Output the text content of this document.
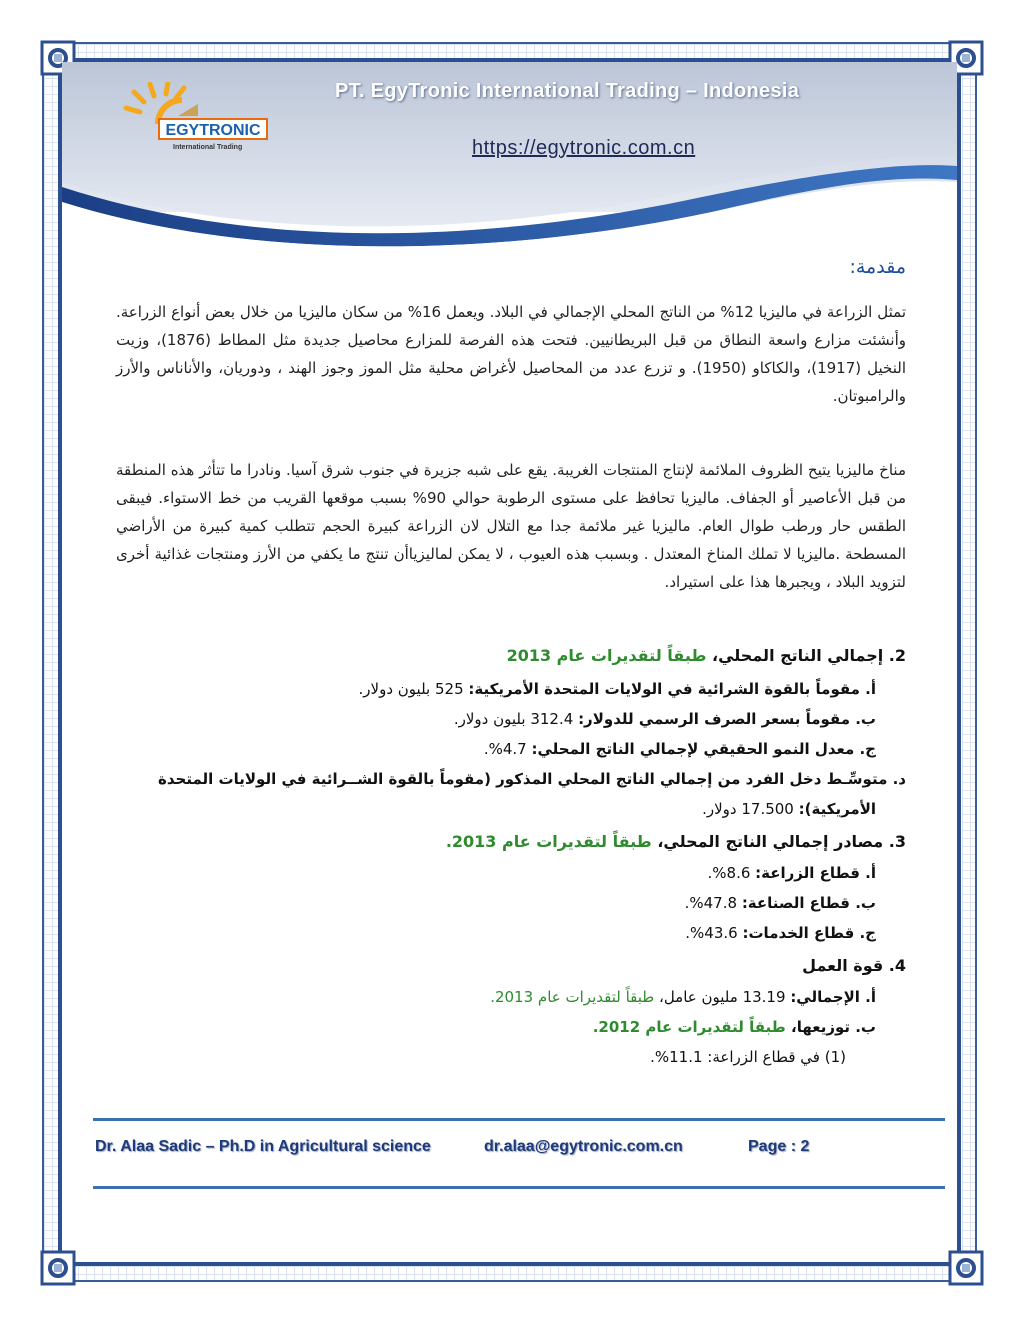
EGYTRONIC
International Trading
PT. EgyTronic International Trading – Indonesia
https://egytronic.com.cn
مقدمة:
تمثل الزراعة في ماليزيا 12% من الناتج المحلي الإجمالي في البلاد. ويعمل 16% من سكان ماليزيا من خلال بعض أنواع الزراعة. وأنشئت مزارع واسعة النطاق من قبل البريطانيين. فتحت هذه الفرصة للمزارع محاصيل جديدة مثل المطاط (1876)، وزيت النخيل (1917)، والكاكاو (1950). و تزرع عدد من المحاصيل لأغراض محلية مثل الموز وجوز الهند ، ودوريان، والأناناس والأرز والرامبوتان.
مناخ ماليزيا يتيح الظروف الملائمة لإنتاج المنتجات الغريبة. يقع على شبه جزيرة في جنوب شرق آسيا. ونادرا ما تتأثر هذه المنطقة من قبل الأعاصير أو الجفاف. ماليزيا تحافظ على مستوى الرطوبة حوالي 90% بسبب موقعها القريب من خط الاستواء. فيبقى الطقس حار ورطب طوال العام. ماليزيا غير ملائمة جدا مع التلال لان الزراعة كبيرة الحجم تتطلب كمية كبيرة من الأراضي المسطحة .ماليزيا لا تملك المناخ المعتدل . وبسبب هذه العيوب ، لا يمكن لماليزياأن تنتج ما يكفي من الأرز ومنتجات غذائية أخرى لتزويد البلاد ، ويجبرها هذا على استيراد.
2. إجمالي الناتج المحلي، طبقاً لتقديرات عام 2013
أ. مقوماً بالقوة الشرائية في الولايات المتحدة الأمريكية: 525 بليون دولار.
ب. مقوماً بسعر الصرف الرسمي للدولار: 312.4 بليون دولار.
ج. معدل النمو الحقيقي لإجمالي الناتج المحلي: 4.7%.
د. متوسِّـط دخل الفرد من إجمالي الناتج المحلي المذكور (مقوماً بالقوة الشــرائية في الولايات المتحدة
الأمريكية): 17.500 دولار.
3. مصادر إجمالي الناتج المحلي، طبقاً لتقديرات عام 2013.
أ. قطاع الزراعة: 8.6%.
ب. قطاع الصناعة: 47.8%.
ج. قطاع الخدمات: 43.6%.
4. قوة العمل
أ. الإجمالي: 13.19 مليون عامل، طبقاً لتقديرات عام 2013.
ب. توزيعها، طبقاً لتقديرات عام 2012.
(1) في قطاع الزراعة: 11.1%.
Dr. Alaa Sadic – Ph.D in Agricultural science	dr.alaa@egytronic.com.cn	Page : 2
